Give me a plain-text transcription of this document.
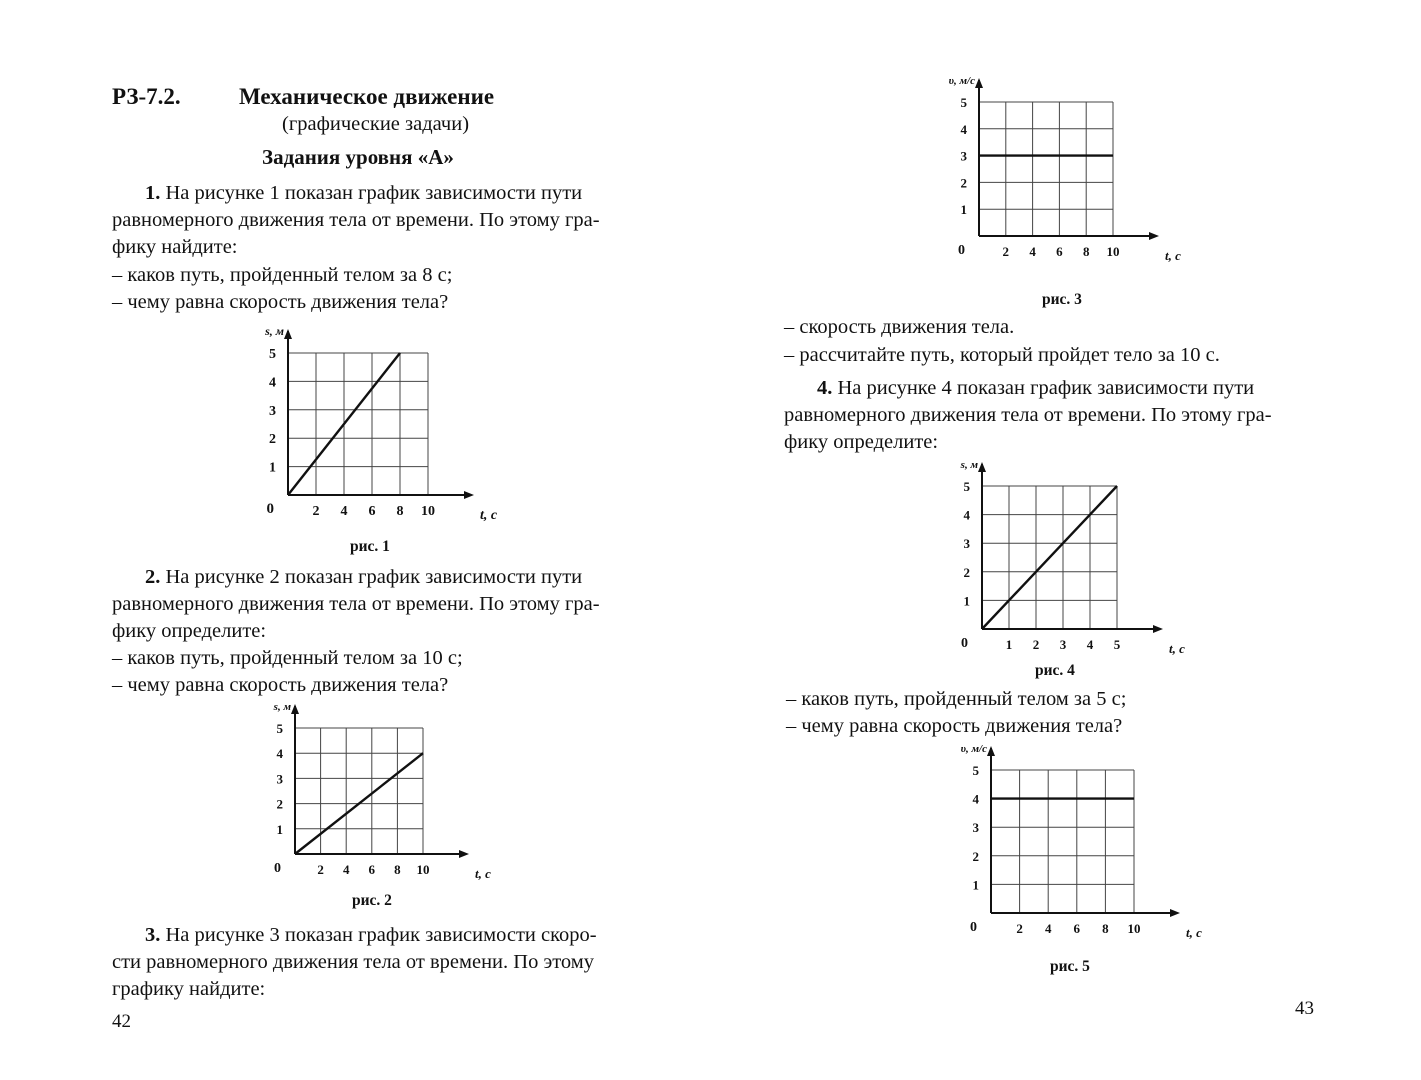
РЗ-7.2.	Механическое движение
(графические задачи)
Задания уровня «А»
1. На рисунке 1 показан график зависимости пути
равномерного движения тела от времени. По этому гра-
фику найдите:
– каков путь, пройденный телом за 8 с;
– чему равна скорость движения тела?
2 4 6 8 10
1
2
3
4
5
0	t, с
s, м
рис. 1
2. На рисунке 2 показан график зависимости пути
равномерного движения тела от времени. По этому гра-
фику определите:
– каков путь, пройденный телом за 10 с;
– чему равна скорость движения тела?
2 4 6 8 10
1
2
3
4
5
0	t, с
s, м
рис. 2
3. На рисунке 3 показан график зависимости скоро-
сти равномерного движения тела от времени. По этому
графику найдите:
42
2 4 6 8 10
1
2
3
4
5
0	t, с
υ, м/с
рис. 3
– скорость движения тела.
– рассчитайте путь, который пройдет тело за 10 с.
4. На рисунке 4 показан график зависимости пути
равномерного движения тела от времени. По этому гра-
фику определите:
1 2 3 4 5
1
2
3
4
5
0	t, с
s, м
рис. 4
– каков путь, пройденный телом за 5 с;
– чему равна скорость движения тела?
2 4 6 8 10
1
2
3
4
5
0	t, с
υ, м/с
рис. 5
43
